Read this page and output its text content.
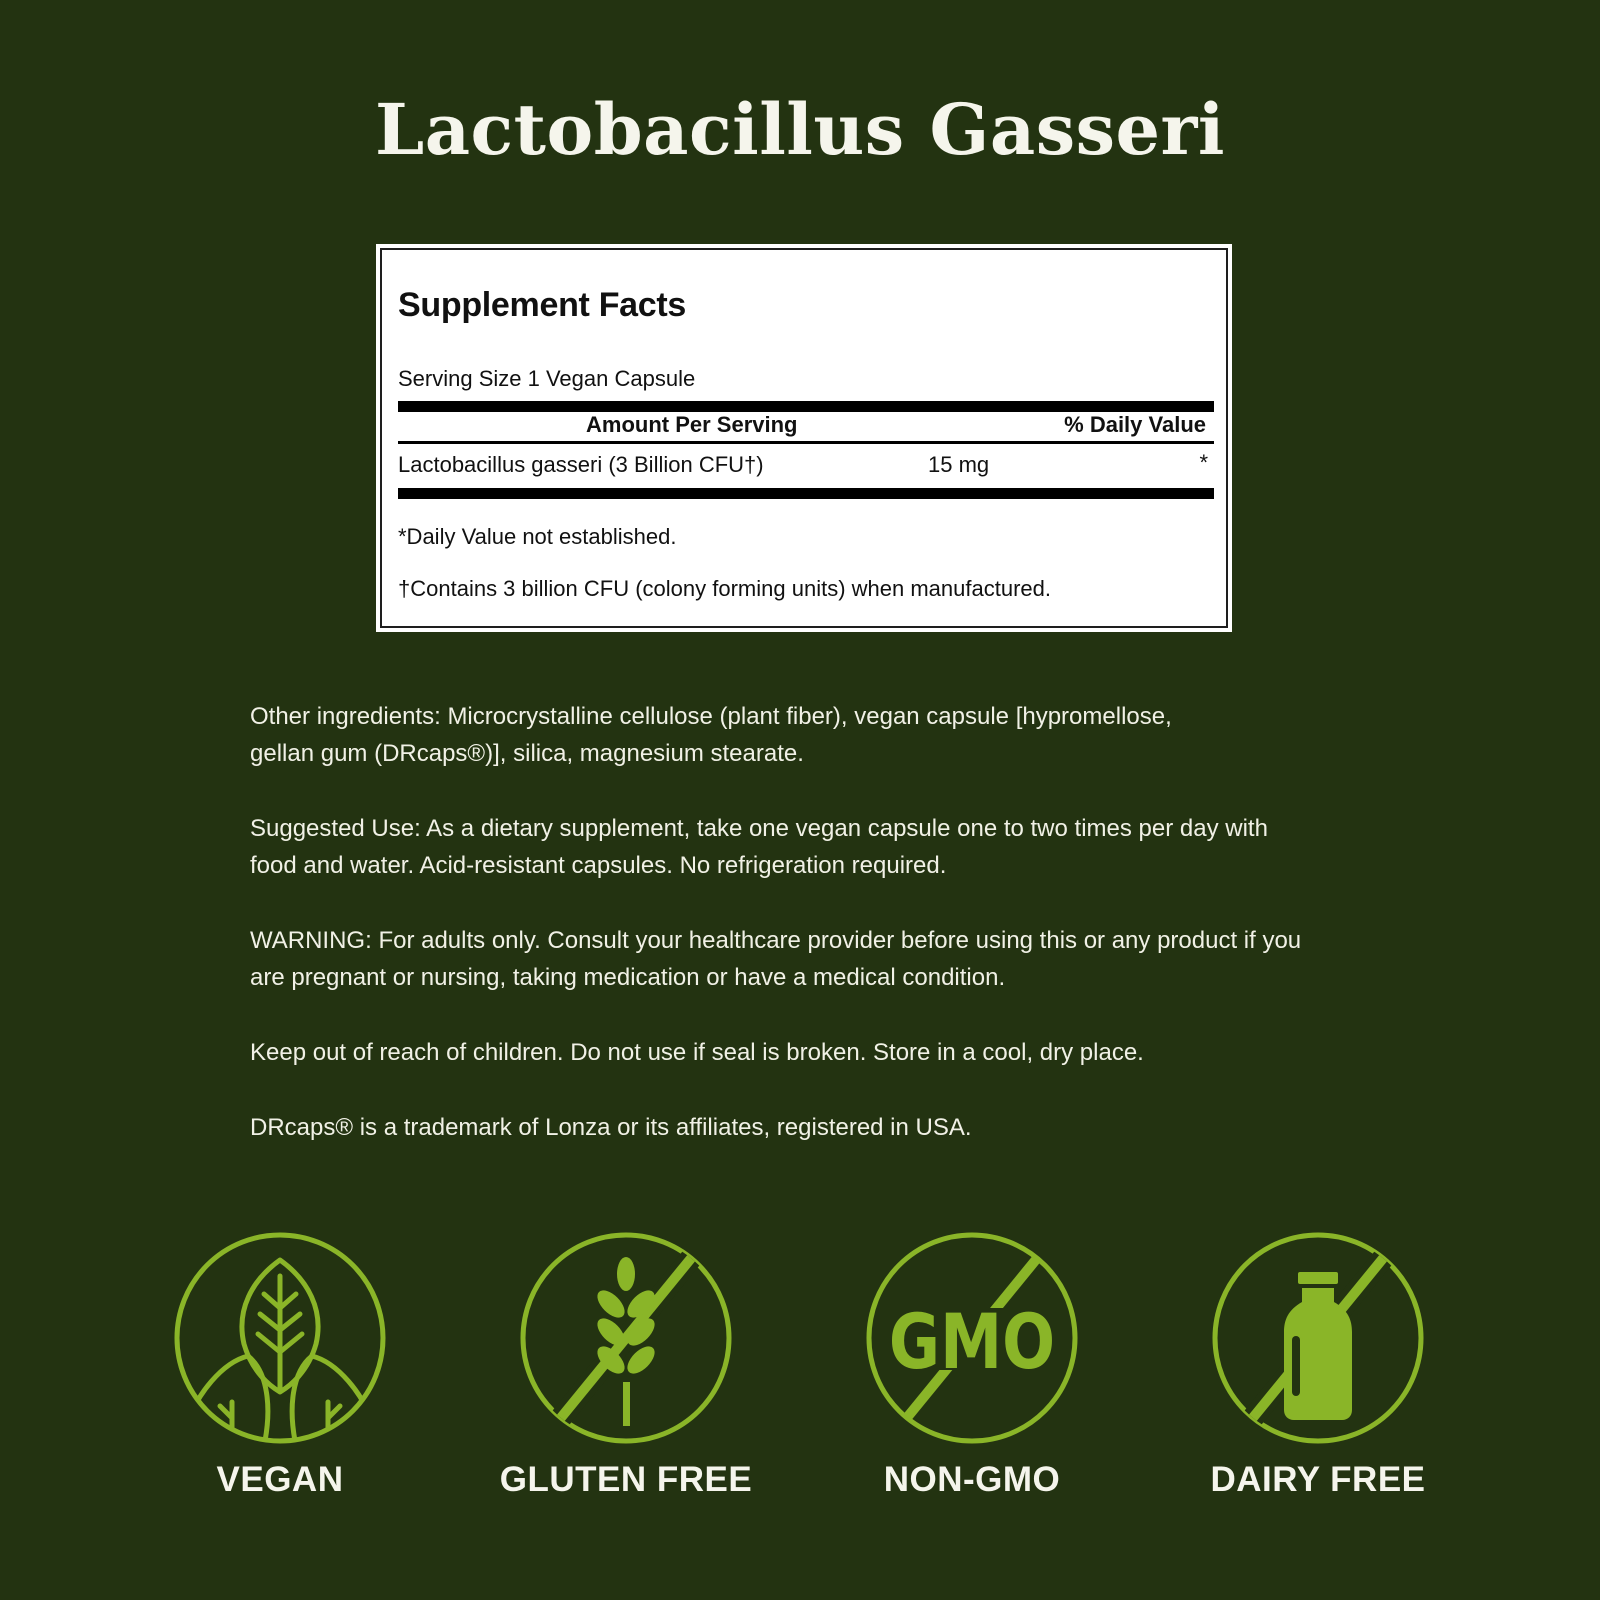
Lactobacillus Gasseri
Supplement Facts
Serving Size 1 Vegan Capsule
Amount Per Serving	% Daily Value
Lactobacillus gasseri (3 Billion CFU†)	15 mg	*
*Daily Value not established.
†Contains 3 billion CFU (colony forming units) when manufactured.
Other ingredients: Microcrystalline cellulose (plant fiber), vegan capsule [hypromellose,
gellan gum (DRcaps®)], silica, magnesium stearate.
Suggested Use: As a dietary supplement, take one vegan capsule one to two times per day with
food and water. Acid-resistant capsules. No refrigeration required.
WARNING: For adults only. Consult your healthcare provider before using this or any product if you
are pregnant or nursing, taking medication or have a medical condition.
Keep out of reach of children. Do not use if seal is broken. Store in a cool, dry place.
DRcaps® is a trademark of Lonza or its affiliates, registered in USA.
VEGAN	GLUTEN FREE
GMO
NON-GMO	DAIRY FREE
